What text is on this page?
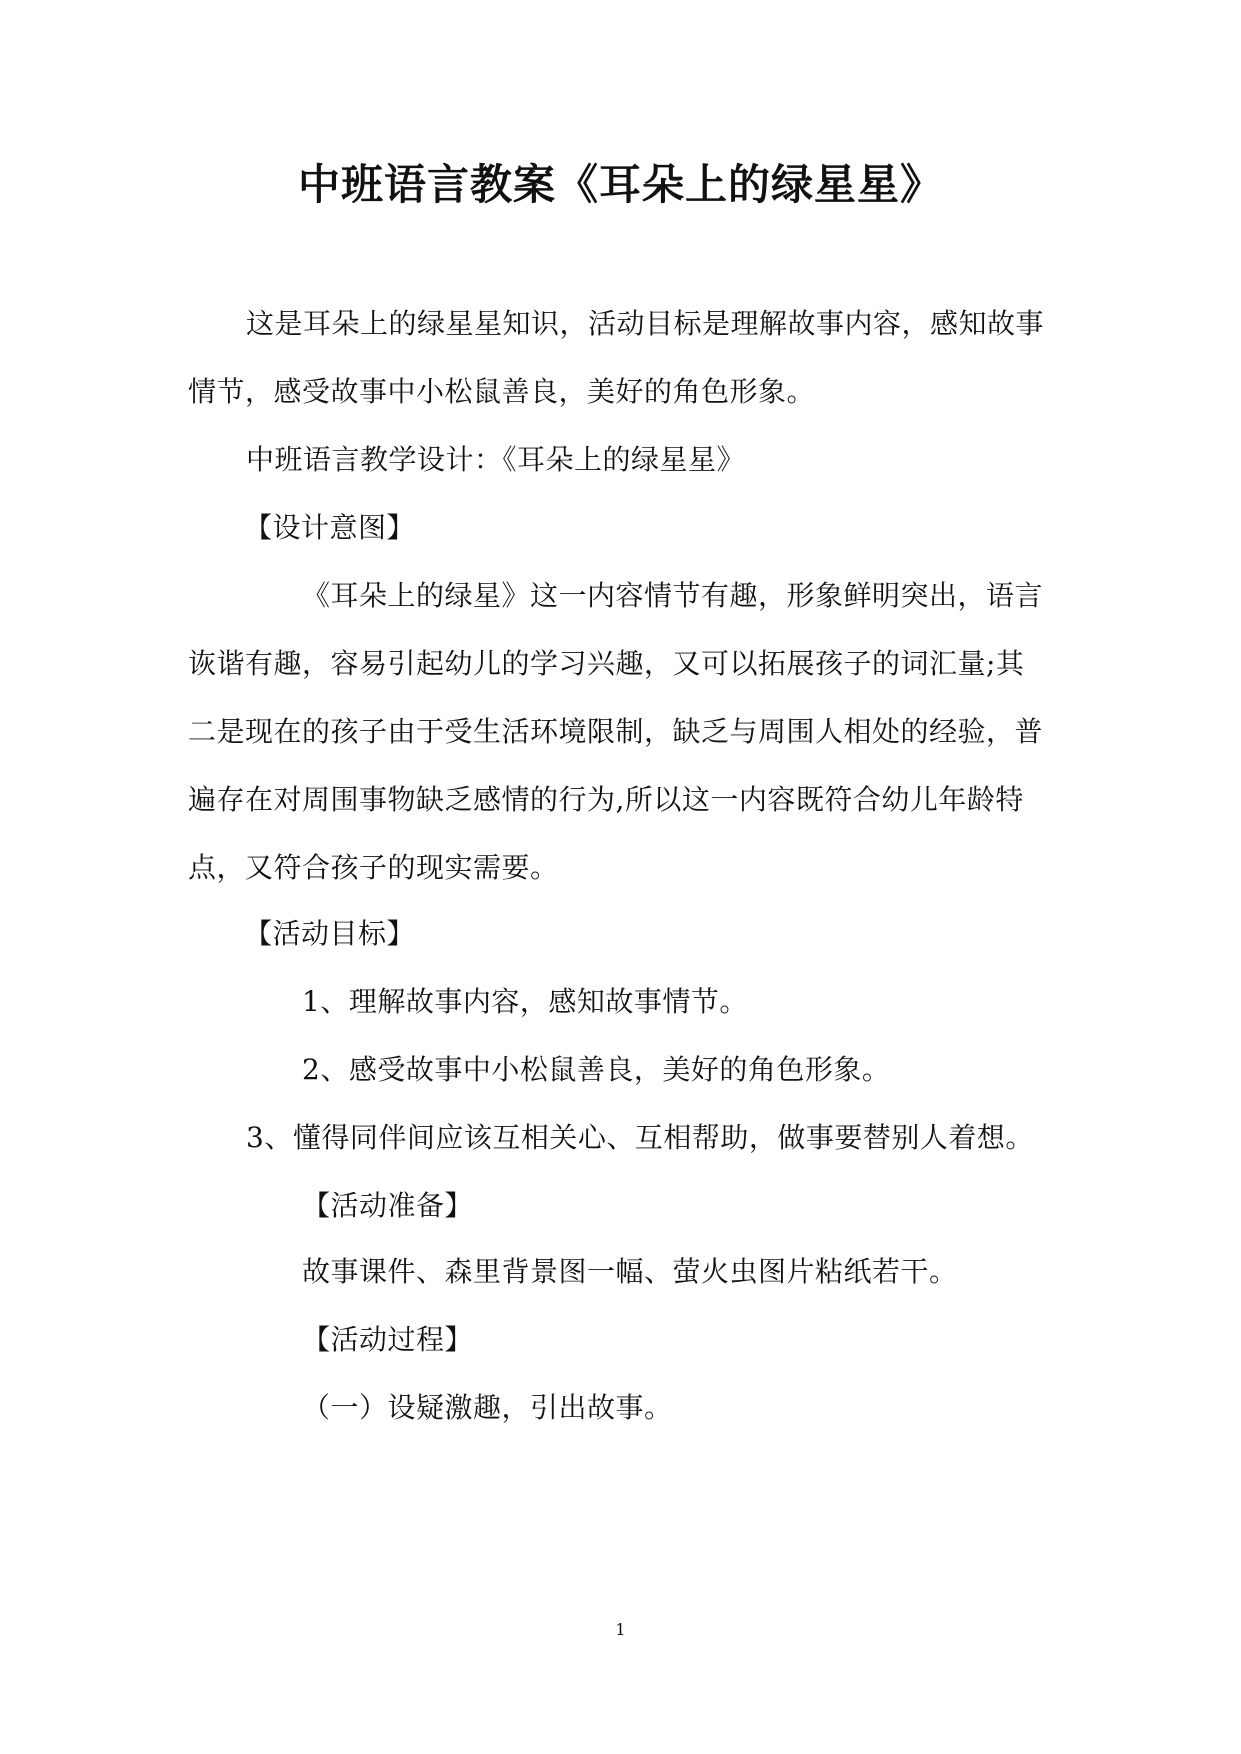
中班语言教案《耳朵上的绿星星》
这是耳朵上的绿星星知识，活动目标是理解故事内容，感知故事
情节，感受故事中小松鼠善良，美好的角色形象。
中班语言教学设计：《耳朵上的绿星星》
【设计意图】
《耳朵上的绿星》这一内容情节有趣，形象鲜明突出，语言
诙谐有趣，容易引起幼儿的学习兴趣，又可以拓展孩子的词汇量;其
二是现在的孩子由于受生活环境限制，缺乏与周围人相处的经验，普
遍存在对周围事物缺乏感情的行为,所以这一内容既符合幼儿年龄特
点，又符合孩子的现实需要。
【活动目标】
1、理解故事内容，感知故事情节。
2、感受故事中小松鼠善良，美好的角色形象。
3、懂得同伴间应该互相关心、互相帮助，做事要替别人着想。
【活动准备】
故事课件、森里背景图一幅、萤火虫图片粘纸若干。
【活动过程】
（一）设疑激趣，引出故事。
1
